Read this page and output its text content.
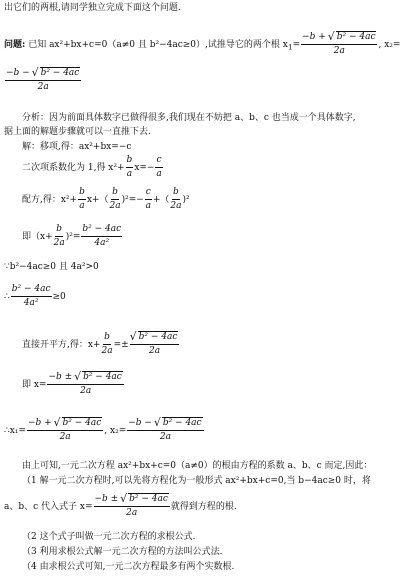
出它们的两根,请同学独立完成下面这个问题.
问题: 已知 ax²+bx+c=0（a≠0 且 b²−4ac≥0）,试推导它的两个根 $x_1= \frac{\text{−b + √ b² − 4ac}}{2a}$ , x₂=
$\frac{\text{−b − √ b² − 4ac}}{2a}$
分析：因为前面具体数字已做得很多,我们现在不妨把 a、b、c 也当成一个具体数字,
据上面的解题步骤就可以一直推下去.
解：移项,得：ax²+bx=−c
二次项系数化为 1,得 $x^2+ \frac{b}{a} x=- \frac{c}{a}$
配方,得：$x^2+ \frac{b}{a} x+( \frac{b}{2a} )^2=- \frac{c}{a}$ +（ $\frac{b}{2a} )^2$
即$(x+ \frac{b}{2a} )^2= \frac{\text{b² − 4ac}}{\text{4a²}}$
∵b²−4ac≥0 且 4a²>0
∴ $\frac{\text{b² − 4ac}}{\text{4a²}} \ge 0$
直接开平方,得：$x+ \frac{b}{2a}$ =±
√ $\frac{\text{b² − 4ac}}{2a}$
即 $x= \frac{\text{−b ± √ b² − 4ac}}{2a}$
∴x₁= $\frac{\text{−b + √ b² − 4ac}}{2a}$ , $x_2= \frac{\text{−b − √ b² − 4ac}}{2a}$
由上可知,一元二次方程 ax²+bx+c=0（a≠0）的根由方程的系数 a、b、c 而定,因此：
（1 解一元二次方程时,可以先将方程化为一般形式 ax²+bx+c=0,当 b−4ac≥0 时，将
a、b、c 代入式子 $x= \frac{\text{−b ± √ b² − 4ac}}{2a}$ 就得到方程的根.
（2 这个式子叫做一元二次方程的求根公式.
（3 利用求根公式解一元二次方程的方法叫公式法.
（4 由求根公式可知,一元二次方程最多有两个实数根.
